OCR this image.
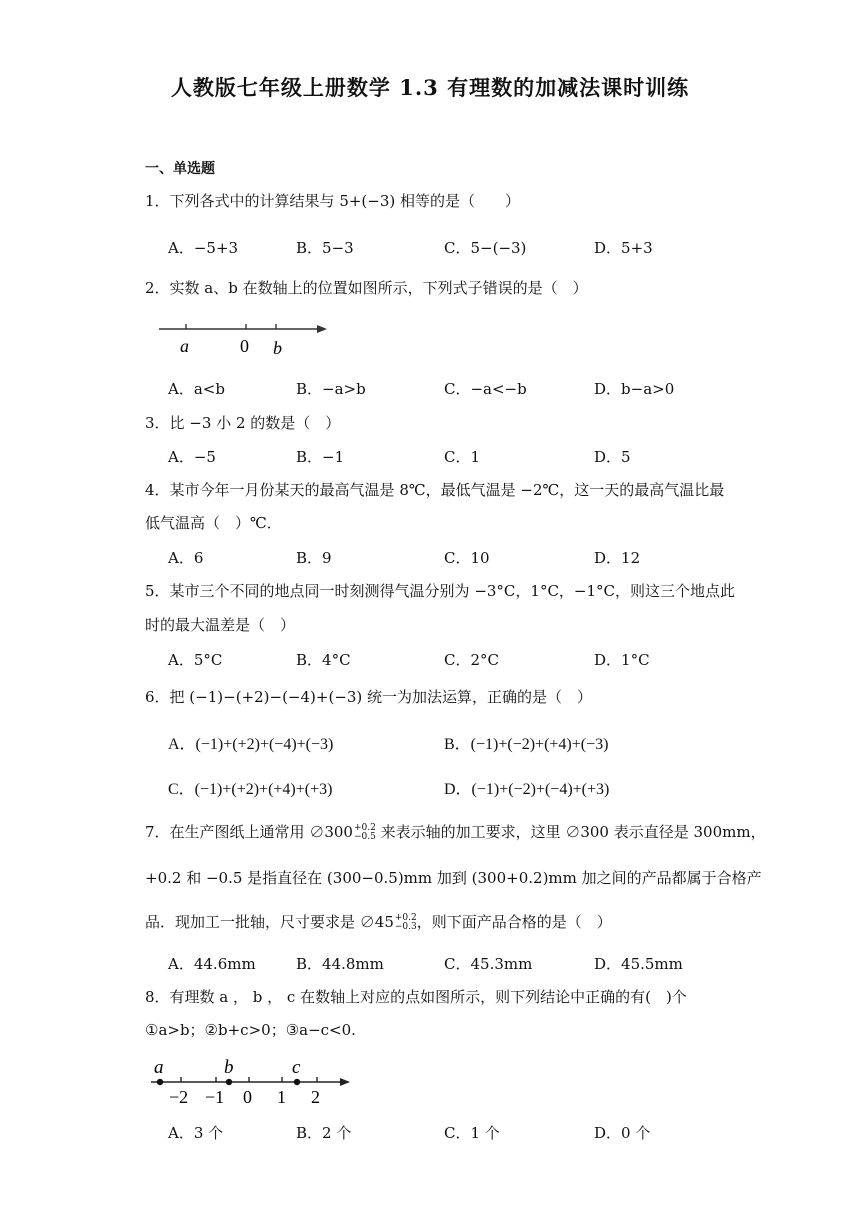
人教版七年级上册数学 1.3 有理数的加减法课时训练
一、单选题
1．下列各式中的计算结果与 5+(−3) 相等的是（　　）
A．−5+3	B．5−3	C．5−(−3)	D．5+3
2．实数 a、b 在数轴上的位置如图所示，下列式子错误的是（　）
a	0 b
A．a<b	B．−a>b	C．−a<−b	D．b−a>0
3．比 −3 小 2 的数是（　）
A．−5	B．−1	C．1	D．5
4．某市今年一月份某天的最高气温是 8℃，最低气温是 −2℃，这一天的最高气温比最
低气温高（　）℃．
A．6	B．9	C．10	D．12
5．某市三个不同的地点同一时刻测得气温分别为 −3°C，1°C，−1°C，则这三个地点此
时的最大温差是（　）
A．5°C	B．4°C	C．2°C	D．1°C
6．把 (−1)−(+2)−(−4)+(−3) 统一为加法运算，正确的是（　）
A．(−1)+(+2)+(−4)+(−3)	B．(−1)+(−2)+(+4)+(−3)
C．(−1)+(+2)+(+4)+(+3)	D．(−1)+(−2)+(−4)+(+3)
7．在生产图纸上通常用 ∅300 +0.2
−0.5 来表示轴的加工要求，这里 ∅300 表示直径是 300mm，
+0.2 和 −0.5 是指直径在 (300−0.5)mm 加到 (300+0.2)mm 加之间的产品都属于合格产
品．现加工一批轴，尺寸要求是 ∅45 +0.2
−0.3 ，则下面产品合格的是（　）
A．44.6mm	B．44.8mm	C．45.3mm	D．45.5mm
8．有理数 a ， b ， c 在数轴上对应的点如图所示，则下列结论中正确的有(　)个
①a>b；②b+c>0；③a−c<0.
a	b	c
−2 −1 0 1 2
A．3 个	B．2 个	C．1 个	D．0 个
